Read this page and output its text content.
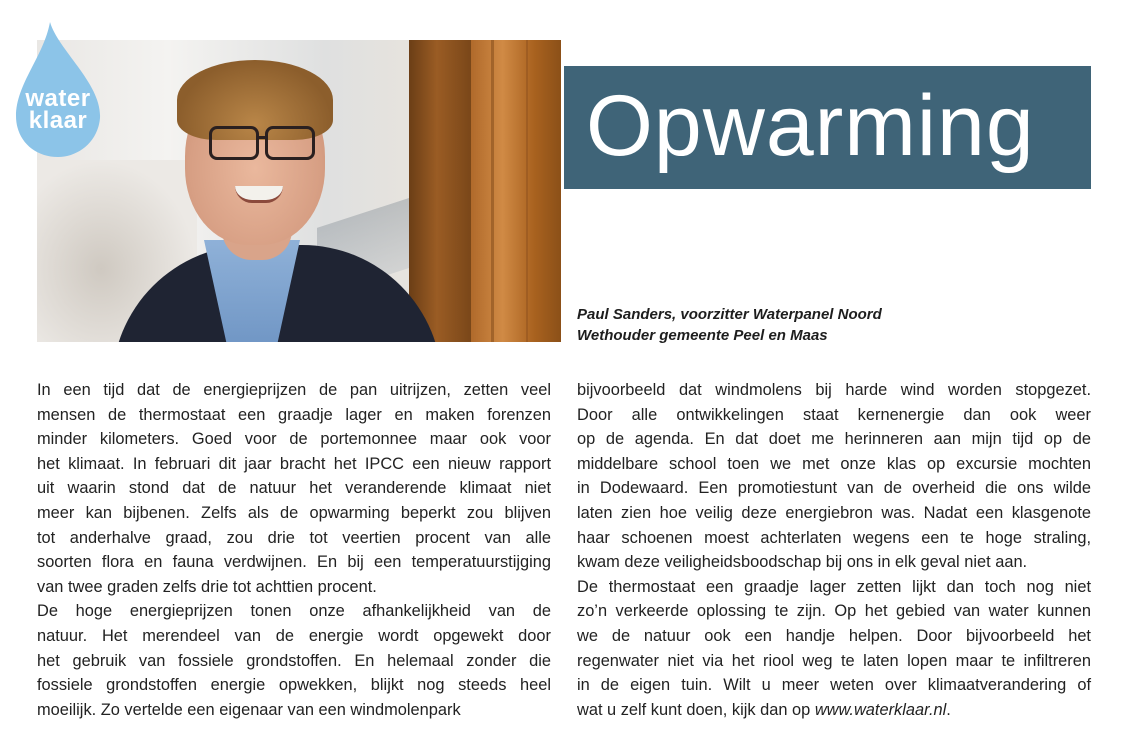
water
klaar	Opwarming
Paul Sanders, voorzitter Waterpanel Noord
Wethouder gemeente Peel en Maas
In een tijd dat de energieprijzen de pan uitrijzen, zetten veel
mensen de thermostaat een graadje lager en maken forenzen
minder kilometers. Goed voor de portemonnee maar ook voor
het klimaat. In februari dit jaar bracht het IPCC een nieuw rapport
uit waarin stond dat de natuur het veranderende klimaat niet
meer kan bijbenen. Zelfs als de opwarming beperkt zou blijven
tot anderhalve graad, zou drie tot veertien procent van alle
soorten flora en fauna verdwijnen. En bij een temperatuurstijging
van twee graden zelfs drie tot achttien procent.
De hoge energieprijzen tonen onze afhankelijkheid van de
natuur. Het merendeel van de energie wordt opgewekt door
het gebruik van fossiele grondstoffen. En helemaal zonder die
fossiele grondstoffen energie opwekken, blijkt nog steeds heel
moeilijk. Zo vertelde een eigenaar van een windmolenpark
bijvoorbeeld dat windmolens bij harde wind worden stopgezet.
Door alle ontwikkelingen staat kernenergie dan ook weer
op de agenda. En dat doet me herinneren aan mijn tijd op de
middelbare school toen we met onze klas op excursie mochten
in Dodewaard. Een promotiestunt van de overheid die ons wilde
laten zien hoe veilig deze energiebron was. Nadat een klasgenote
haar schoenen moest achterlaten wegens een te hoge straling,
kwam deze veiligheidsboodschap bij ons in elk geval niet aan.
De thermostaat een graadje lager zetten lijkt dan toch nog niet
zo’n verkeerde oplossing te zijn. Op het gebied van water kunnen
we de natuur ook een handje helpen. Door bijvoorbeeld het
regenwater niet via het riool weg te laten lopen maar te infiltreren
in de eigen tuin. Wilt u meer weten over klimaatverandering of
wat u zelf kunt doen, kijk dan op www.waterklaar.nl.
